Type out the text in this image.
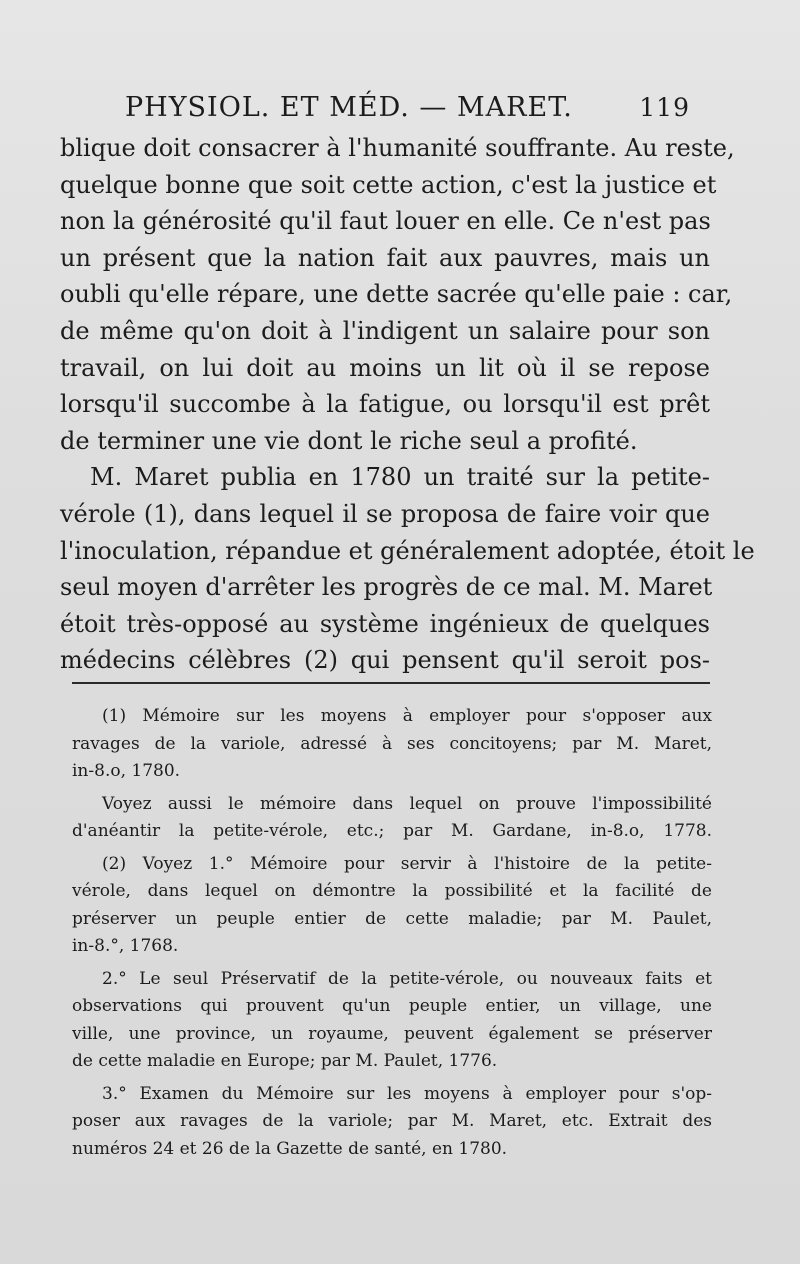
PHYSIOL. ET MÉD. — MARET.	119
blique doit consacrer à l'humanité souffrante. Au reste,
quelque bonne que soit cette action, c'est la justice et
non la générosité qu'il faut louer en elle. Ce n'est pas
un présent que la nation fait aux pauvres, mais un
oubli qu'elle répare, une dette sacrée qu'elle paie : car,
de même qu'on doit à l'indigent un salaire pour son
travail, on lui doit au moins un lit où il se repose
lorsqu'il succombe à la fatigue, ou lorsqu'il est prêt
de terminer une vie dont le riche seul a profité.
M. Maret publia en 1780 un traité sur la petite-
vérole (1), dans lequel il se proposa de faire voir que
l'inoculation, répandue et généralement adoptée, étoit le
seul moyen d'arrêter les progrès de ce mal. M. Maret
étoit très-opposé au système ingénieux de quelques
médecins célèbres (2) qui pensent qu'il seroit pos-
(1) Mémoire sur les moyens à employer pour s'opposer aux
ravages de la variole, adressé à ses concitoyens; par M. Maret,
in-8.o, 1780.
Voyez aussi le mémoire dans lequel on prouve l'impossibilité
d'anéantir la petite-vérole, etc.; par M. Gardane, in-8.o, 1778.
(2) Voyez 1.° Mémoire pour servir à l'histoire de la petite-
vérole, dans lequel on démontre la possibilité et la facilité de
préserver un peuple entier de cette maladie; par M. Paulet,
in-8.°, 1768.
2.° Le seul Préservatif de la petite-vérole, ou nouveaux faits et
observations qui prouvent qu'un peuple entier, un village, une
ville, une province, un royaume, peuvent également se préserver
de cette maladie en Europe; par M. Paulet, 1776.
3.° Examen du Mémoire sur les moyens à employer pour s'op-
poser aux ravages de la variole; par M. Maret, etc. Extrait des
numéros 24 et 26 de la Gazette de santé, en 1780.
